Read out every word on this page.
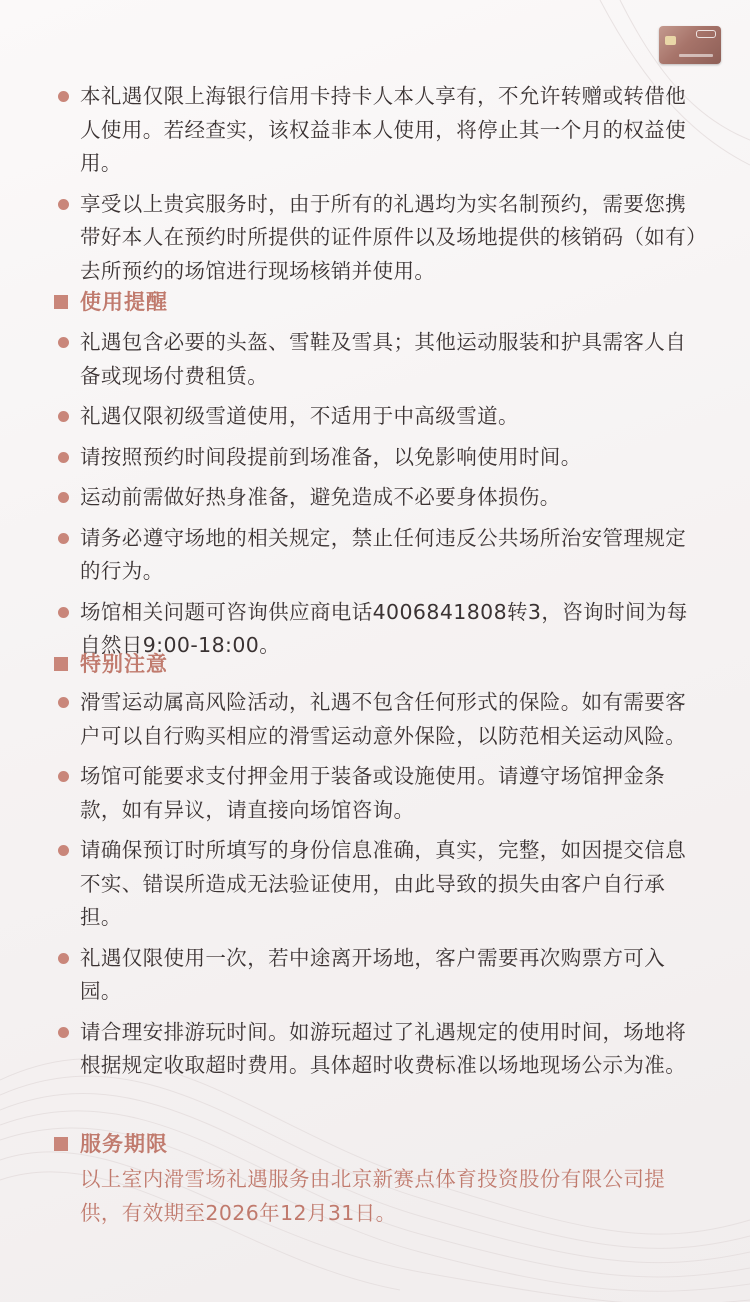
本礼遇仅限上海银行信用卡持卡人本人享有，不允许转赠或转借他人使用。若经查实，该权益非本人使用，将停止其一个月的权益使用。
享受以上贵宾服务时，由于所有的礼遇均为实名制预约，需要您携带好本人在预约时所提供的证件原件以及场地提供的核销码（如有）去所预约的场馆进行现场核销并使用。
使用提醒
礼遇包含必要的头盔、雪鞋及雪具；其他运动服装和护具需客人自备或现场付费租赁。
礼遇仅限初级雪道使用，不适用于中高级雪道。
请按照预约时间段提前到场准备，以免影响使用时间。
运动前需做好热身准备，避免造成不必要身体损伤。
请务必遵守场地的相关规定，禁止任何违反公共场所治安管理规定的行为。
场馆相关问题可咨询供应商电话4006841808转3，咨询时间为每自然日9:00-18:00。
特别注意
滑雪运动属高风险活动，礼遇不包含任何形式的保险。如有需要客户可以自行购买相应的滑雪运动意外保险，以防范相关运动风险。
场馆可能要求支付押金用于装备或设施使用。请遵守场馆押金条款，如有异议，请直接向场馆咨询。
请确保预订时所填写的身份信息准确，真实，完整，如因提交信息不实、错误所造成无法验证使用，由此导致的损失由客户自行承担。
礼遇仅限使用一次，若中途离开场地，客户需要再次购票方可入园。
请合理安排游玩时间。如游玩超过了礼遇规定的使用时间，场地将根据规定收取超时费用。具体超时收费标准以场地现场公示为准。
服务期限
以上室内滑雪场礼遇服务由北京新赛点体育投资股份有限公司提供，有效期至2026年12月31日。
